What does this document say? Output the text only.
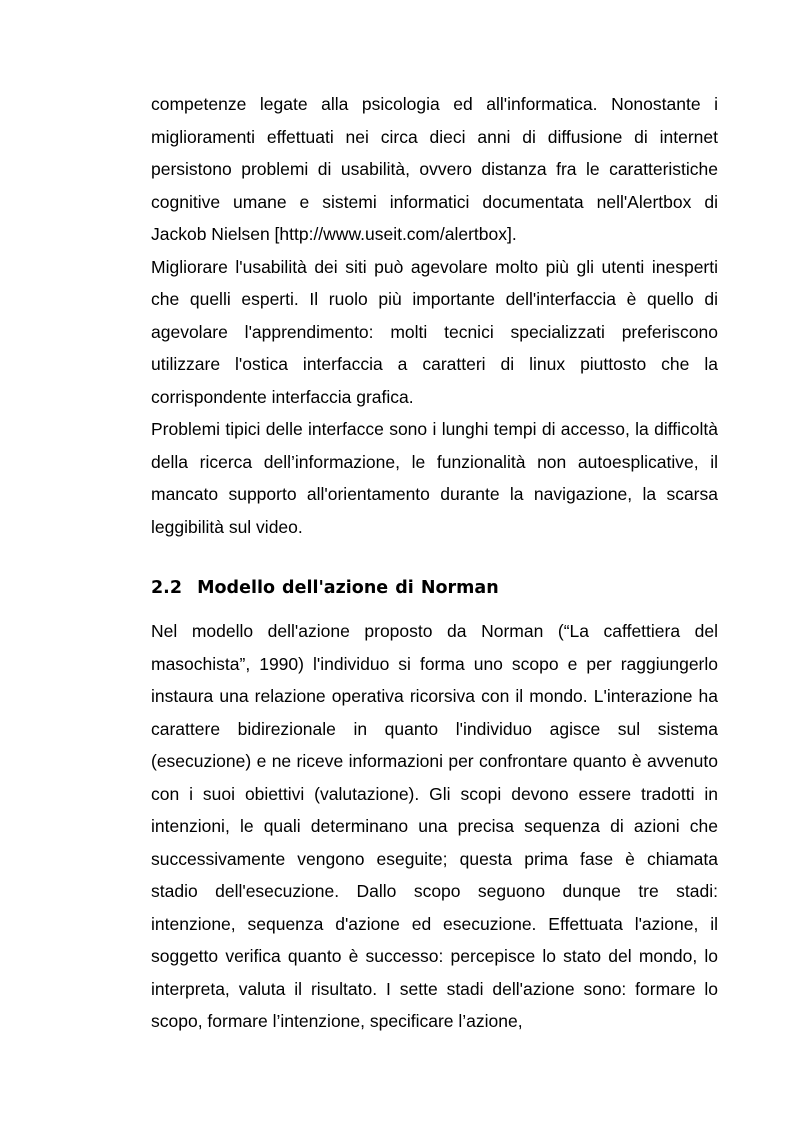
competenze legate alla psicologia ed all'informatica. Nonostante i miglioramenti effettuati nei circa dieci anni di diffusione di internet persistono problemi di usabilità, ovvero distanza fra le caratteristiche cognitive umane e sistemi informatici documentata nell'Alertbox di Jackob Nielsen [http://www.useit.com/alertbox].

Migliorare l'usabilità dei siti può agevolare molto più gli utenti inesperti che quelli esperti. Il ruolo più importante dell'interfaccia è quello di agevolare l'apprendimento: molti tecnici specializzati preferiscono utilizzare l'ostica interfaccia a caratteri di linux piuttosto che la corrispondente interfaccia grafica.

Problemi tipici delle interfacce sono i lunghi tempi di accesso, la difficoltà della ricerca dell’informazione, le funzionalità non autoesplicative, il mancato supporto all'orientamento durante la navigazione, la scarsa leggibilità sul video.

2.2 Modello dell'azione di Norman

Nel modello dell'azione proposto da Norman (“La caffettiera del masochista”, 1990) l'individuo si forma uno scopo e per raggiungerlo instaura una relazione operativa ricorsiva con il mondo. L'interazione ha carattere bidirezionale in quanto l'individuo agisce sul sistema (esecuzione) e ne riceve informazioni per confrontare quanto è avvenuto con i suoi obiettivi (valutazione). Gli scopi devono essere tradotti in intenzioni, le quali determinano una precisa sequenza di azioni che successivamente vengono eseguite; questa prima fase è chiamata stadio dell'esecuzione. Dallo scopo seguono dunque tre stadi: intenzione, sequenza d'azione ed esecuzione. Effettuata l'azione, il soggetto verifica quanto è successo: percepisce lo stato del mondo, lo interpreta, valuta il risultato. I sette stadi dell'azione sono: formare lo scopo, formare l’intenzione, specificare l’azione,
